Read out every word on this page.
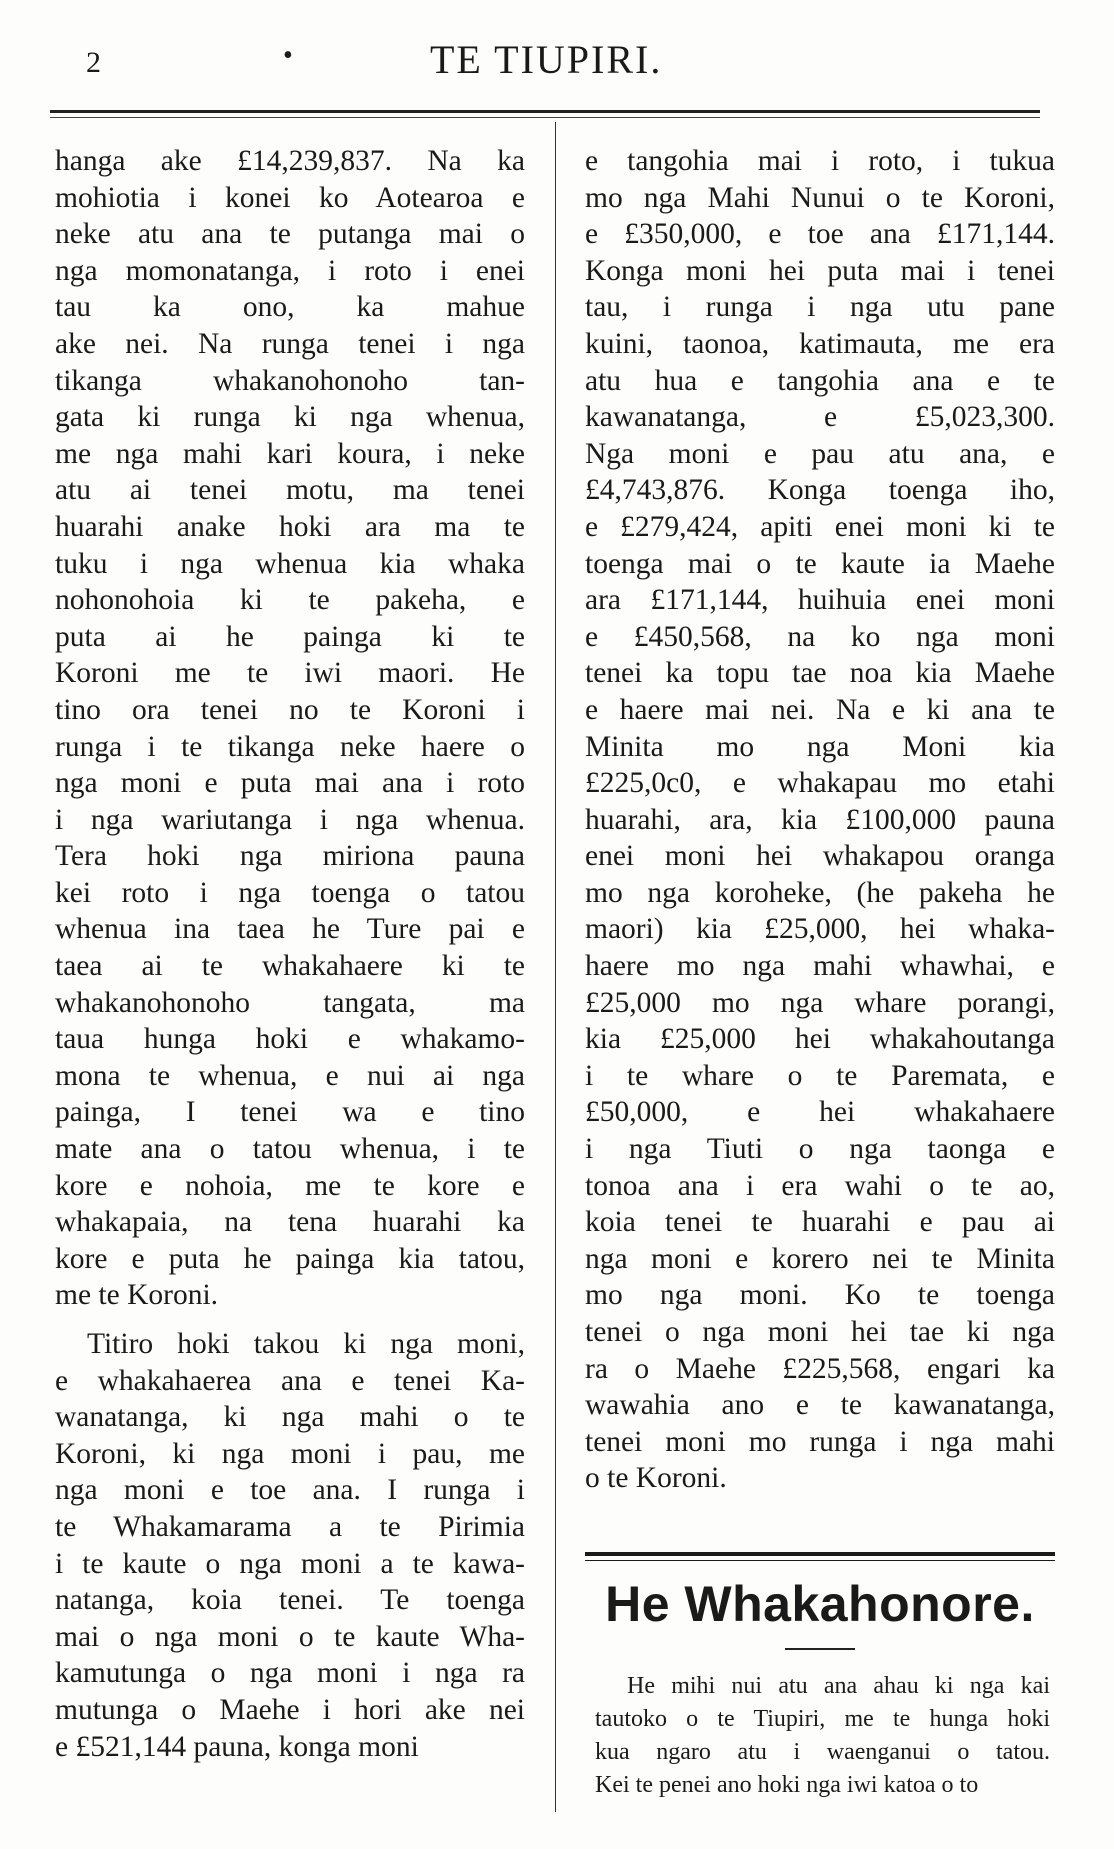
2	•	TE TIUPIRI.
hanga ake £14,239,837. Na ka
mohiotia i konei ko Aotearoa e
neke atu ana te putanga mai o
nga momonatanga, i roto i enei
tau ka ono, ka mahue
ake nei. Na runga tenei i nga
tikanga whakanohonoho tan-
gata ki runga ki nga whenua,
me nga mahi kari koura, i neke
atu ai tenei motu, ma tenei
huarahi anake hoki ara ma te
tuku i nga whenua kia whaka
nohonohoia ki te pakeha, e
puta ai he painga ki te
Koroni me te iwi maori. He
tino ora tenei no te Koroni i
runga i te tikanga neke haere o
nga moni e puta mai ana i roto
i nga wariutanga i nga whenua.
Tera hoki nga miriona pauna
kei roto i nga toenga o tatou
whenua ina taea he Ture pai e
taea ai te whakahaere ki te
whakanohonoho tangata, ma
taua hunga hoki e whakamo-
mona te whenua, e nui ai nga
painga, I tenei wa e tino
mate ana o tatou whenua, i te
kore e nohoia, me te kore e
whakapaia, na tena huarahi ka
kore e puta he painga kia tatou,
me te Koroni.
Titiro hoki takou ki nga moni,
e whakahaerea ana e tenei Ka-
wanatanga, ki nga mahi o te
Koroni, ki nga moni i pau, me
nga moni e toe ana. I runga i
te Whakamarama a te Pirimia
i te kaute o nga moni a te kawa-
natanga, koia tenei. Te toenga
mai o nga moni o te kaute Wha-
kamutunga o nga moni i nga ra
mutunga o Maehe i hori ake nei
e £521,144 pauna, konga moni
e tangohia mai i roto, i tukua
mo nga Mahi Nunui o te Koroni,
e £350,000, e toe ana £171,144.
Konga moni hei puta mai i tenei
tau, i runga i nga utu pane
kuini, taonoa, katimauta, me era
atu hua e tangohia ana e te
kawanatanga, e £5,023,300.
Nga moni e pau atu ana, e
£4,743,876. Konga toenga iho,
e £279,424, apiti enei moni ki te
toenga mai o te kaute ia Maehe
ara £171,144, huihuia enei moni
e £450,568, na ko nga moni
tenei ka topu tae noa kia Maehe
e haere mai nei. Na e ki ana te
Minita mo nga Moni kia
£225,0c0, e whakapau mo etahi
huarahi, ara, kia £100,000 pauna
enei moni hei whakapou oranga
mo nga koroheke, (he pakeha he
maori) kia £25,000, hei whaka-
haere mo nga mahi whawhai, e
£25,000 mo nga whare porangi,
kia £25,000 hei whakahoutanga
i te whare o te Paremata, e
£50,000, e hei whakahaere
i nga Tiuti o nga taonga e
tonoa ana i era wahi o te ao,
koia tenei te huarahi e pau ai
nga moni e korero nei te Minita
mo nga moni. Ko te toenga
tenei o nga moni hei tae ki nga
ra o Maehe £225,568, engari ka
wawahia ano e te kawanatanga,
tenei moni mo runga i nga mahi
o te Koroni.
He Whakahonore.
He mihi nui atu ana ahau ki nga kai
tautoko o te Tiupiri, me te hunga hoki
kua ngaro atu i waenganui o tatou.
Kei te penei ano hoki nga iwi katoa o to
